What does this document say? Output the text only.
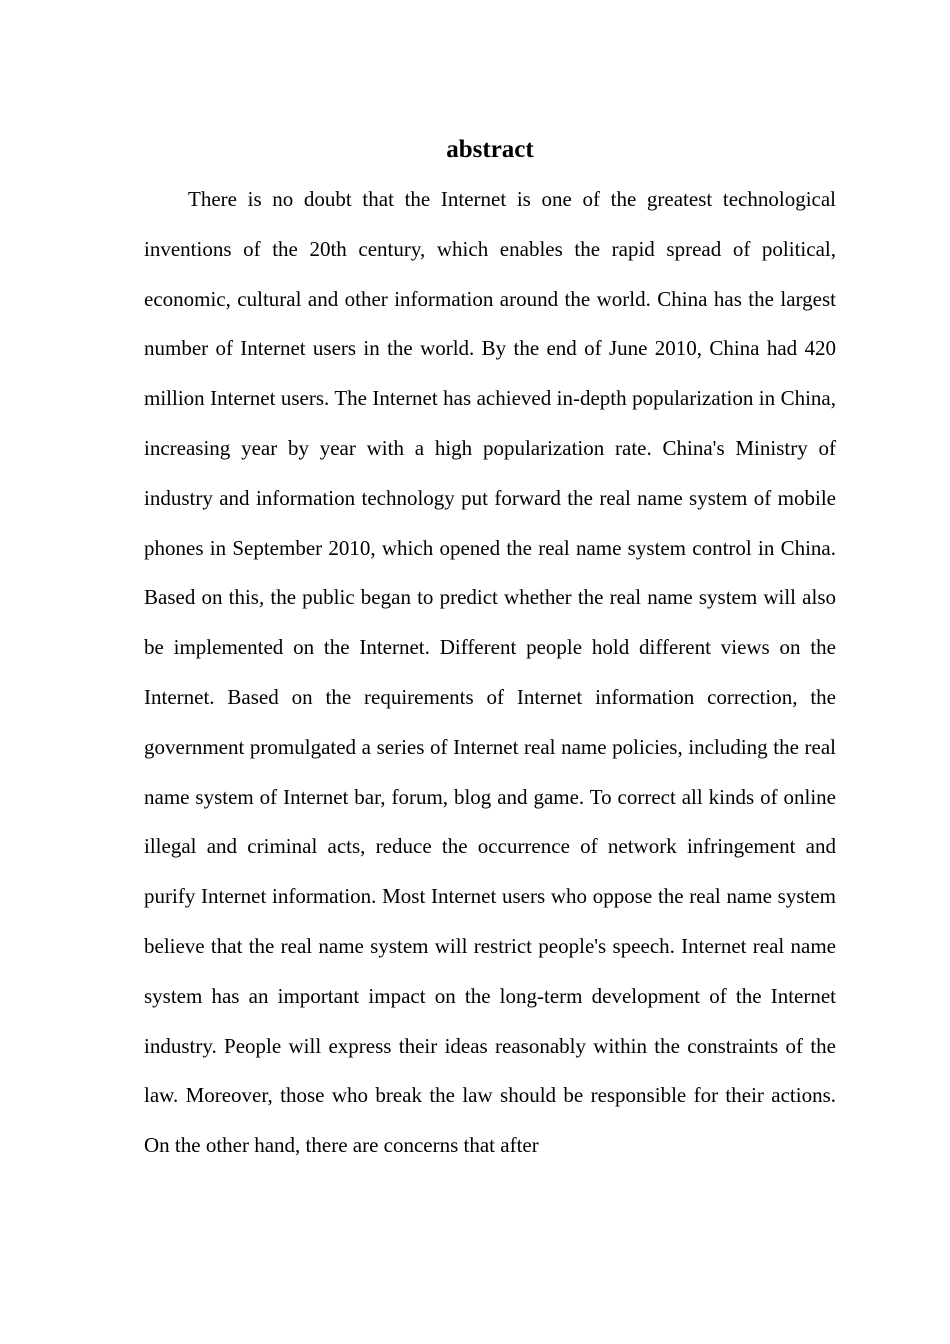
abstract

There is no doubt that the Internet is one of the greatest technological inventions of the 20th century, which enables the rapid spread of political, economic, cultural and other information around the world. China has the largest number of Internet users in the world. By the end of June 2010, China had 420 million Internet users. The Internet has achieved in-depth popularization in China, increasing year by year with a high popularization rate. China's Ministry of industry and information technology put forward the real name system of mobile phones in September 2010, which opened the real name system control in China. Based on this, the public began to predict whether the real name system will also be implemented on the Internet. Different people hold different views on the Internet. Based on the requirements of Internet information correction, the government promulgated a series of Internet real name policies, including the real name system of Internet bar, forum, blog and game. To correct all kinds of online illegal and criminal acts, reduce the occurrence of network infringement and purify Internet information. Most Internet users who oppose the real name system believe that the real name system will restrict people's speech. Internet real name system has an important impact on the long-term development of the Internet industry. People will express their ideas reasonably within the constraints of the law. Moreover, those who break the law should be responsible for their actions. On the other hand, there are concerns that after
